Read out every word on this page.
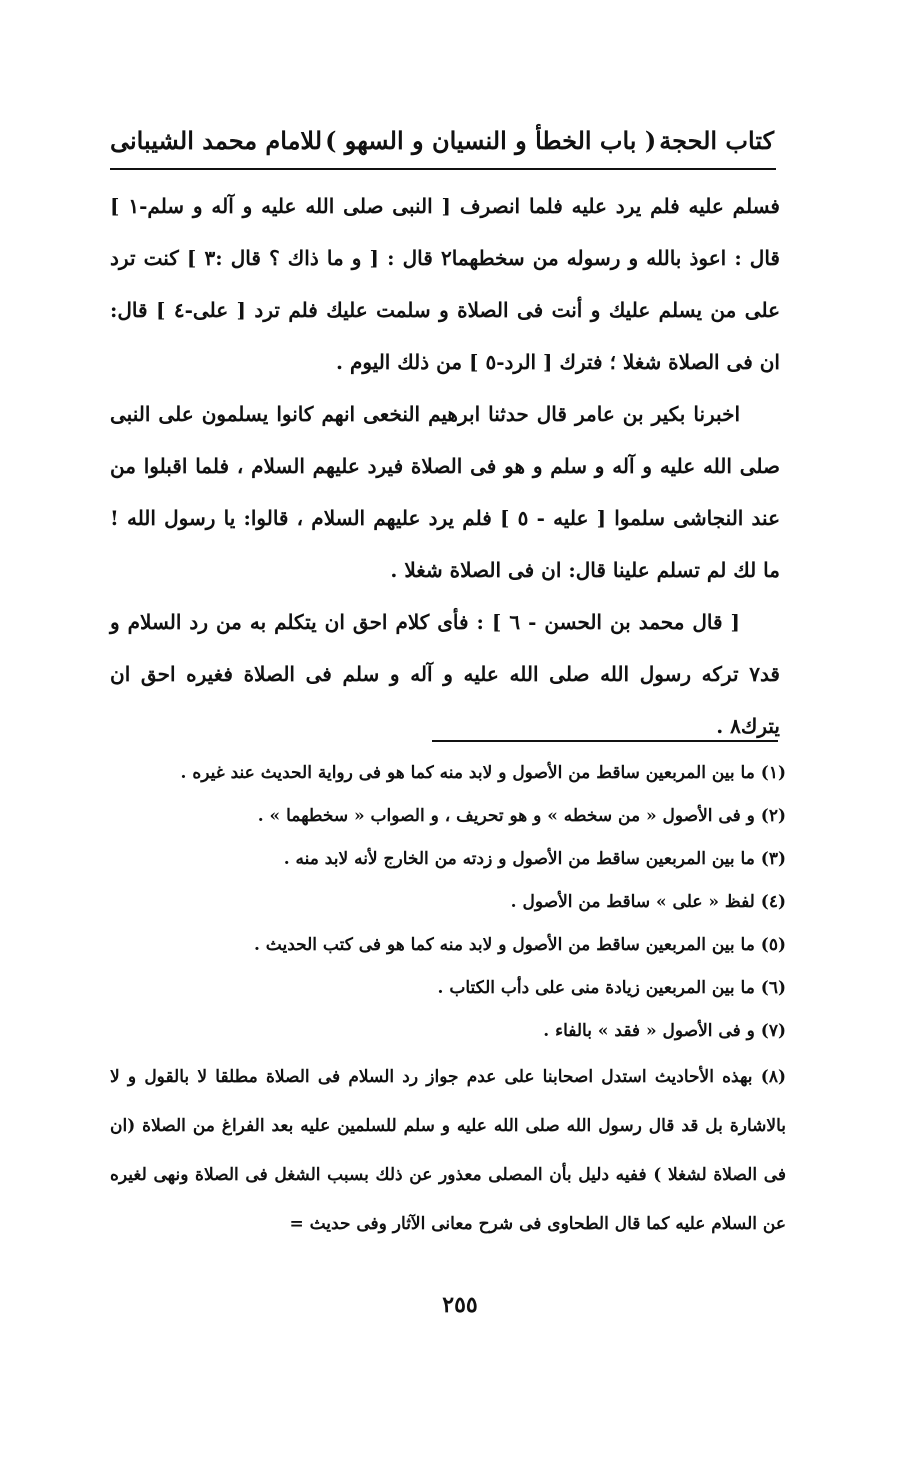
كتاب الحجة
( باب الخطأ و النسيان و السهو )
للامام محمد الشيبانى

فسلم عليه فلم يرد عليه فلما انصرف [ النبى صلى الله عليه و آله و سلم-١ ] قال : اعوذ بالله و رسوله من سخطهما٢ قال : [ و ما ذاك ؟ قال :٣ ] كنت ترد على من يسلم عليك و أنت فى الصلاة و سلمت عليك فلم ترد [ على-٤ ] قال: ان فى الصلاة شغلا ؛ فترك [ الرد-٥ ] من ذلك اليوم .

اخبرنا بكير بن عامر قال حدثنا ابرهيم النخعى انهم كانوا يسلمون على النبى صلى الله عليه و آله و سلم و هو فى الصلاة فيرد عليهم السلام ، فلما اقبلوا من عند النجاشى سلموا [ عليه - ٥ ] فلم يرد عليهم السلام ، قالوا: يا رسول الله ! ما لك لم تسلم علينا قال: ان فى الصلاة شغلا .

[ قال محمد بن الحسن - ٦ ] : فأى كلام احق ان يتكلم به من رد السلام و قد٧ تركه رسول الله صلى الله عليه و آله و سلم فى الصلاة فغيره احق ان يترك٨ .

(١) ما بين المربعين ساقط من الأصول و لابد منه كما هو فى رواية الحديث عند غيره .

(٢) و فى الأصول « من سخطه » و هو تحريف ، و الصواب « سخطهما » .

(٣) ما بين المربعين ساقط من الأصول و زدته من الخارج لأنه لابد منه .

(٤) لفظ « على » ساقط من الأصول .

(٥) ما بين المربعين ساقط من الأصول و لابد منه كما هو فى كتب الحديث .

(٦) ما بين المربعين زيادة منى على دأب الكتاب .

(٧) و فى الأصول « فقد » بالفاء .

(٨) بهذه الأحاديث استدل اصحابنا على عدم جواز رد السلام فى الصلاة مطلقا لا بالقول و لا بالاشارة بل قد قال رسول الله صلى الله عليه و سلم للسلمين عليه بعد الفراغ من الصلاة (ان فى الصلاة لشغلا ) ففيه دليل بأن المصلى معذور عن ذلك بسبب الشغل فى الصلاة ونهى لغيره عن السلام عليه كما قال الطحاوى فى شرح معانى الآثار وفى حديث =

٢٥٥
